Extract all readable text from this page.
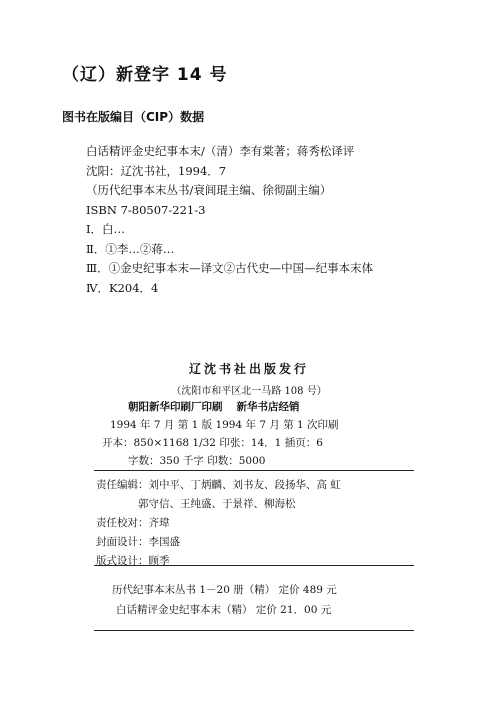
（辽）新登字 14 号
图书在版编目（CIP）数据
白话精评金史纪事本末/（清）李有棠著；蒋秀松译评
沈阳：辽沈书社，1994．7
（历代纪事本末丛书/衰闾琨主编、徐彻副主编）
ISBN 7-80507-221-3
Ⅰ．白…
Ⅱ．①李…②蒋…
Ⅲ．①金史纪事本末—译文②古代史—中国—纪事本末体
Ⅳ．K204．4
辽沈书社出版发行
（沈阳市和平区北一马路 108 号）
朝阳新华印刷厂印刷 新华书店经销
1994 年 7 月 第 1 版 1994 年 7 月 第 1 次印刷
开本：850×1168 1/32 印张：14．1 插页：6
字数：350 千字 印数：5000
责任编辑：刘中平、丁炳麟、刘书友、段扬华、高 虹
郭守信、王纯盛、于景祥、柳海松
责任校对：齐瑋
封面设计：李国盛
版式设计：顾季
历代纪事本末丛书 1－20 册（精） 定价 489 元
白话精评金史纪事本末（精） 定价 21．00 元
